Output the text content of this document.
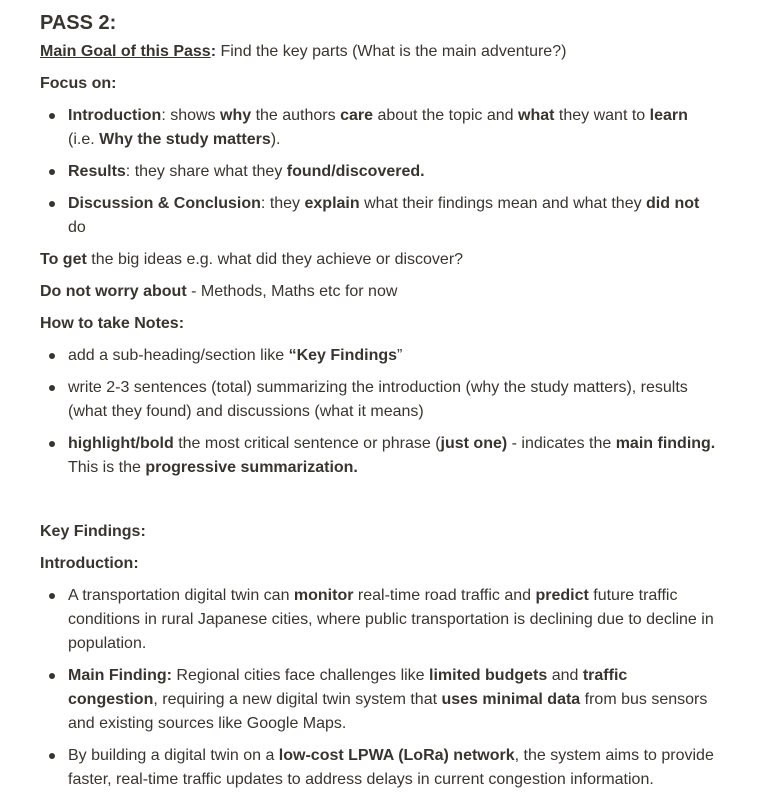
PASS 2:
Main Goal of this Pass: Find the key parts (What is the main adventure?)
Focus on:
Introduction: shows why the authors care about the topic and what they want to learn (i.e. Why the study matters).
Results: they share what they found/discovered.
Discussion & Conclusion: they explain what their findings mean and what they did not do
To get the big ideas e.g. what did they achieve or discover?
Do not worry about - Methods, Maths etc for now
How to take Notes:
add a sub-heading/section like “Key Findings”
write 2-3 sentences (total) summarizing the introduction (why the study matters), results (what they found) and discussions (what it means)
highlight/bold the most critical sentence or phrase (just one) - indicates the main finding. This is the progressive summarization.
Key Findings:
Introduction:
A transportation digital twin can monitor real-time road traffic and predict future traffic conditions in rural Japanese cities, where public transportation is declining due to decline in population.
Main Finding: Regional cities face challenges like limited budgets and traffic congestion, requiring a new digital twin system that uses minimal data from bus sensors and existing sources like Google Maps.
By building a digital twin on a low-cost LPWA (LoRa) network, the system aims to provide faster, real-time traffic updates to address delays in current congestion information.
